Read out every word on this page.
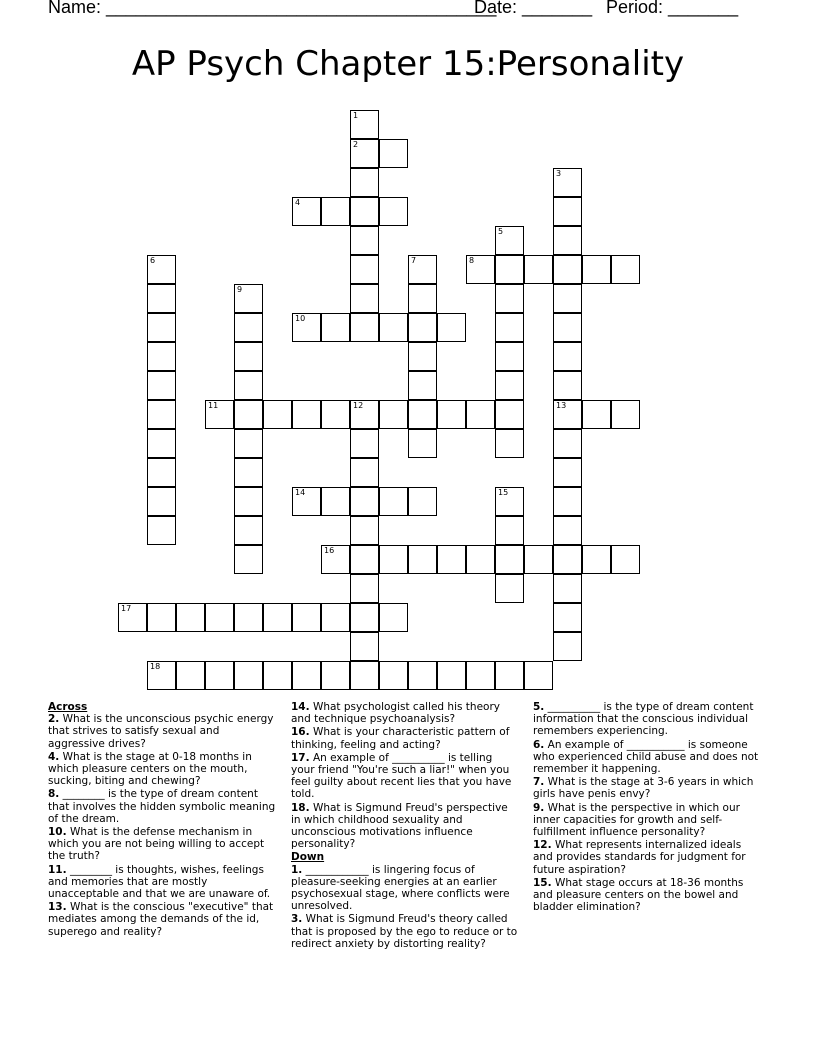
Name: _______________________________________
Date: _______ Period: _______
AP Psych Chapter 15:Personality
1
2
3
13
4
5
6	7	8
9
10
11	12
14	15
16
17
18
Across
2. What is the unconscious psychic energy that strives to satisfy sexual and aggressive drives?
4. What is the stage at 0-18 months in which pleasure centers on the mouth, sucking, biting and chewing?
8. ________ is the type of dream content that involves the hidden symbolic meaning of the dream.
10. What is the defense mechanism in which you are not being willing to accept the truth?
11. ________ is thoughts, wishes, feelings and memories that are mostly unacceptable and that we are unaware of.
13. What is the conscious "executive" that mediates among the demands of the id, superego and reality?
14. What psychologist called his theory and technique psychoanalysis?
16. What is your characteristic pattern of thinking, feeling and acting?
17. An example of __________ is telling your friend "You're such a liar!" when you feel guilty about recent lies that you have told.
18. What is Sigmund Freud's perspective in which childhood sexuality and unconscious motivations influence personality?
Down
1. ____________ is lingering focus of pleasure-seeking energies at an earlier psychosexual stage, where conflicts were unresolved.
3. What is Sigmund Freud's theory called that is proposed by the ego to reduce or to redirect anxiety by distorting reality?
5. __________ is the type of dream content information that the conscious individual remembers experiencing.
6. An example of ___________ is someone who experienced child abuse and does not remember it happening.
7. What is the stage at 3-6 years in which girls have penis envy?
9. What is the perspective in which our inner capacities for growth and self-fulfillment influence personality?
12. What represents internalized ideals and provides standards for judgment for future aspiration?
15. What stage occurs at 18-36 months and pleasure centers on the bowel and bladder elimination?
